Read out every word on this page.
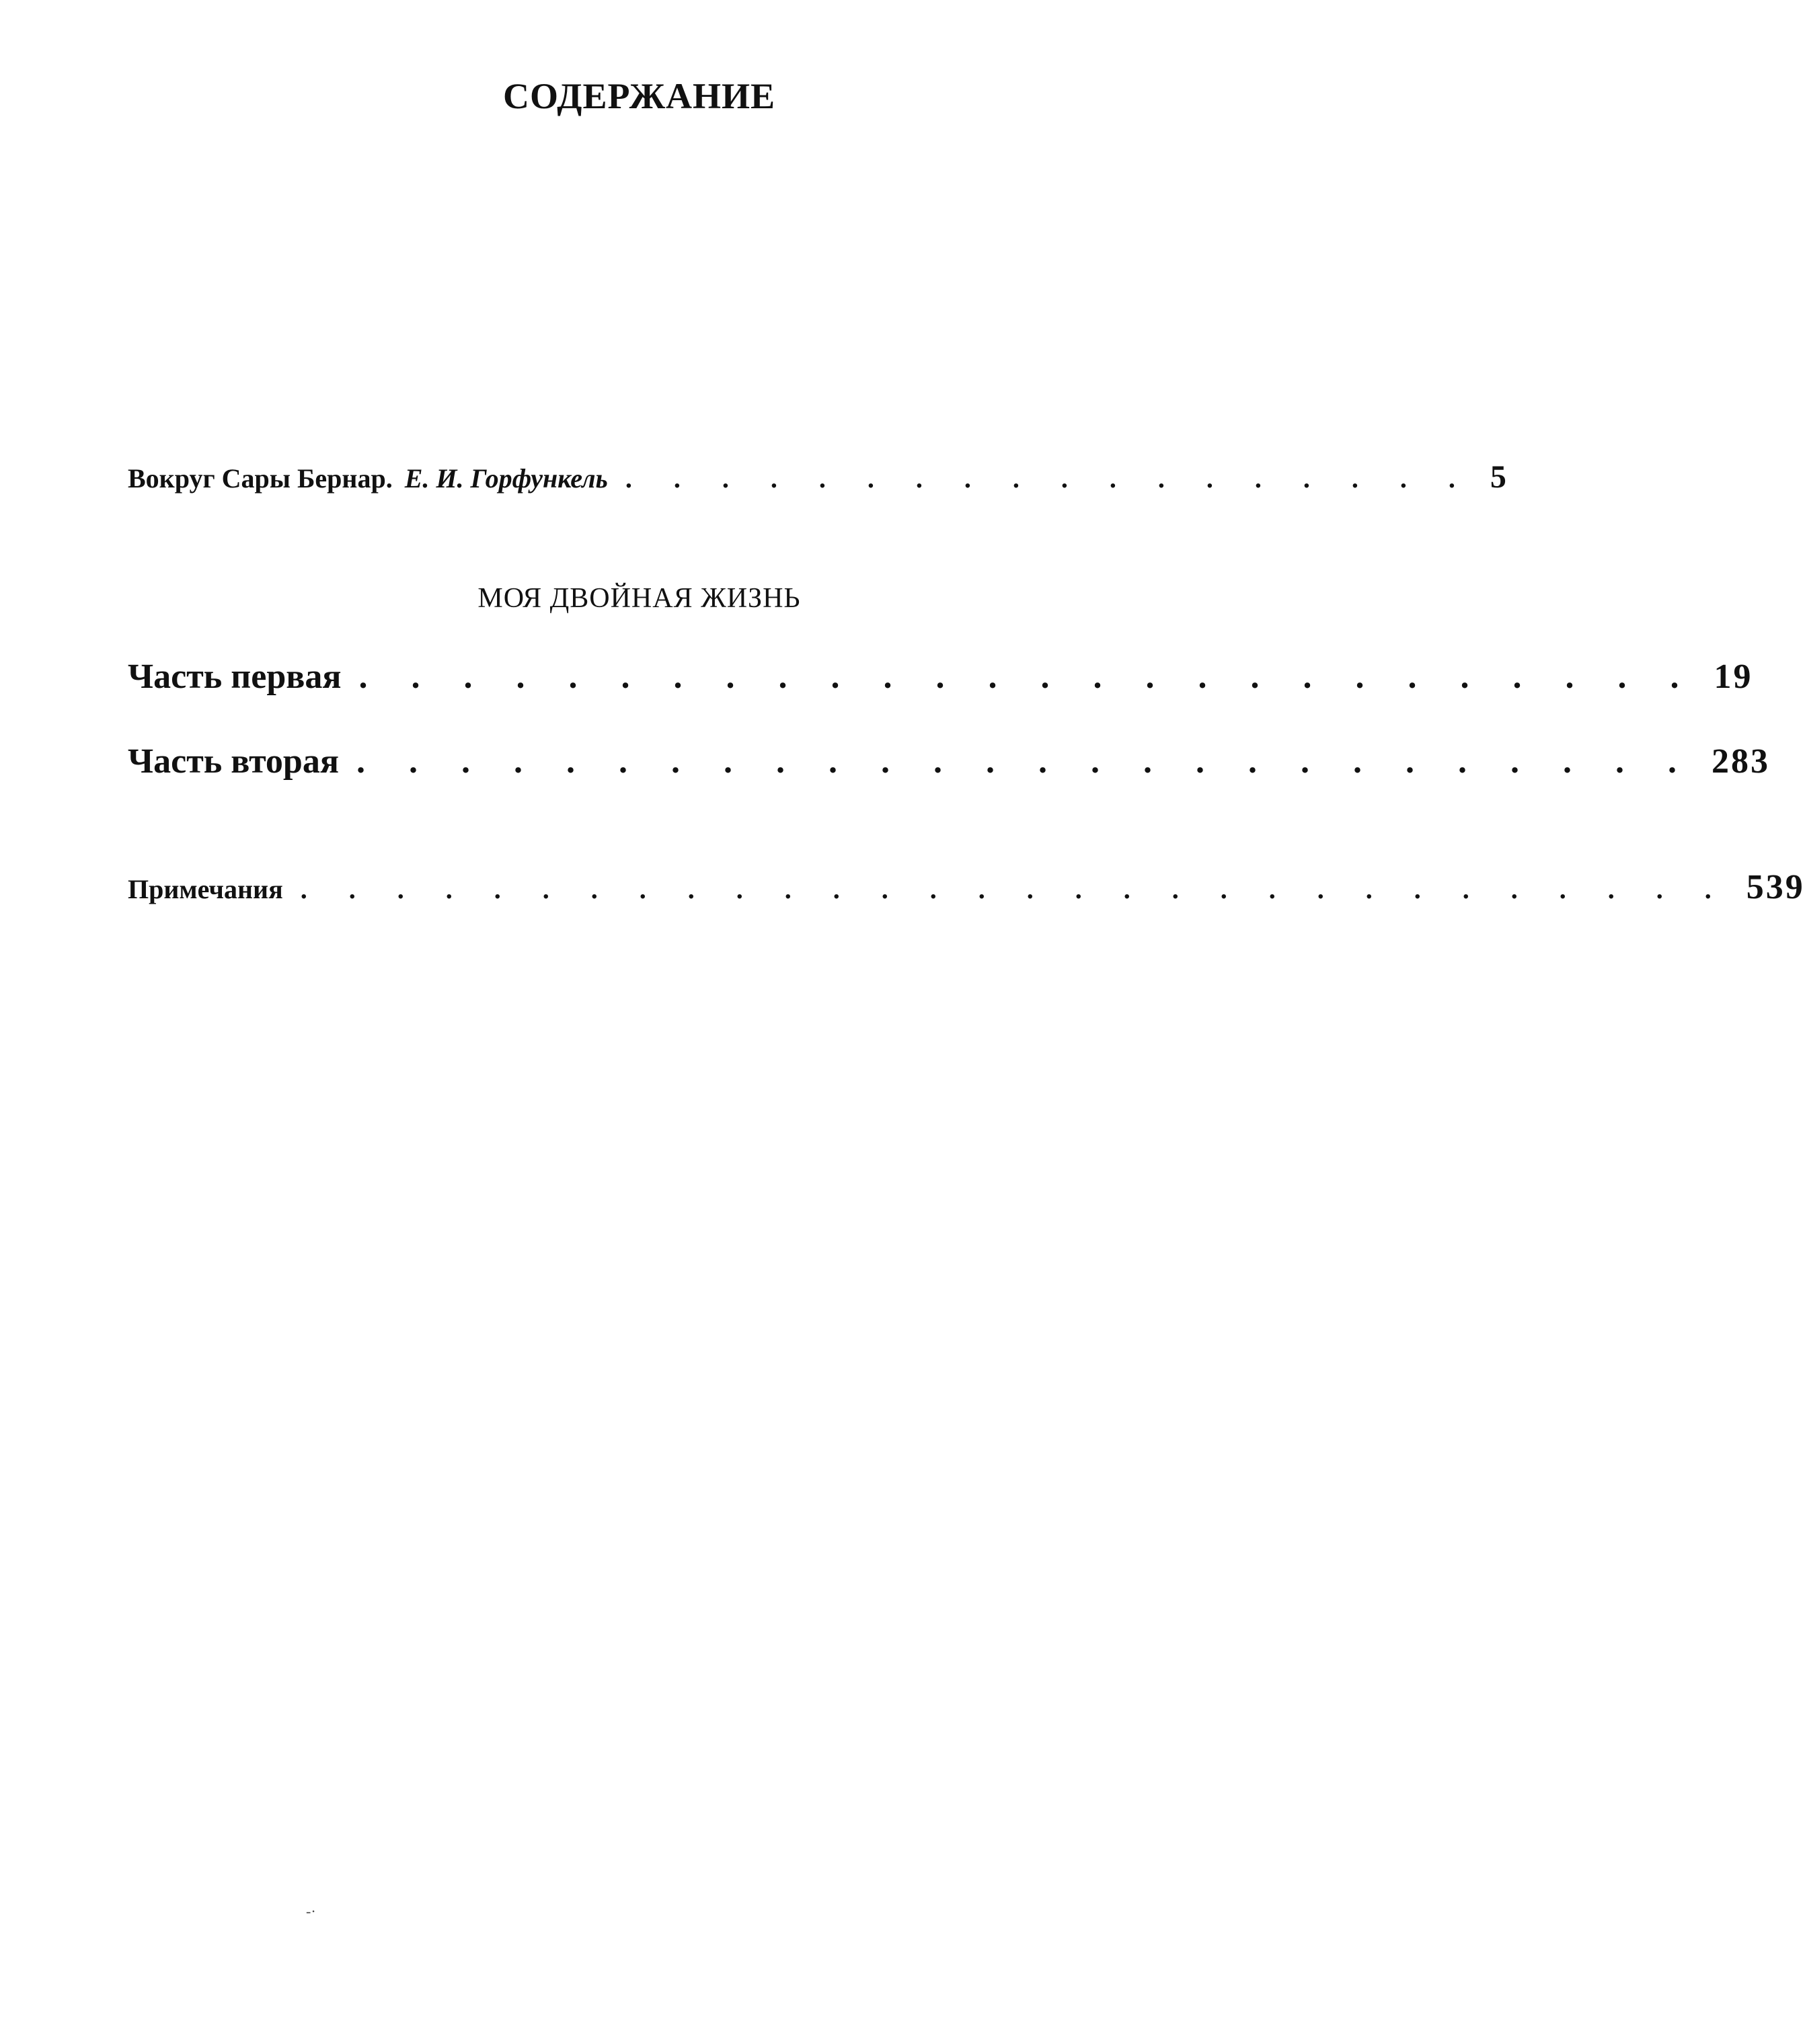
СОДЕРЖАНИЕ
Вокруг Сары Бернар. Е. И. Горфункель . . . . . . . . . . . . . . . . . . 5
МОЯ ДВОЙНАЯ ЖИЗНЬ
Часть первая . . . . . . . . . . . . . . . . . . . . . . . . . . 19
Часть вторая . . . . . . . . . . . . . . . . . . . . . . . . . . 283
Примечания . . . . . . . . . . . . . . . . . . . . . . . . . . . . . . 539
-·
